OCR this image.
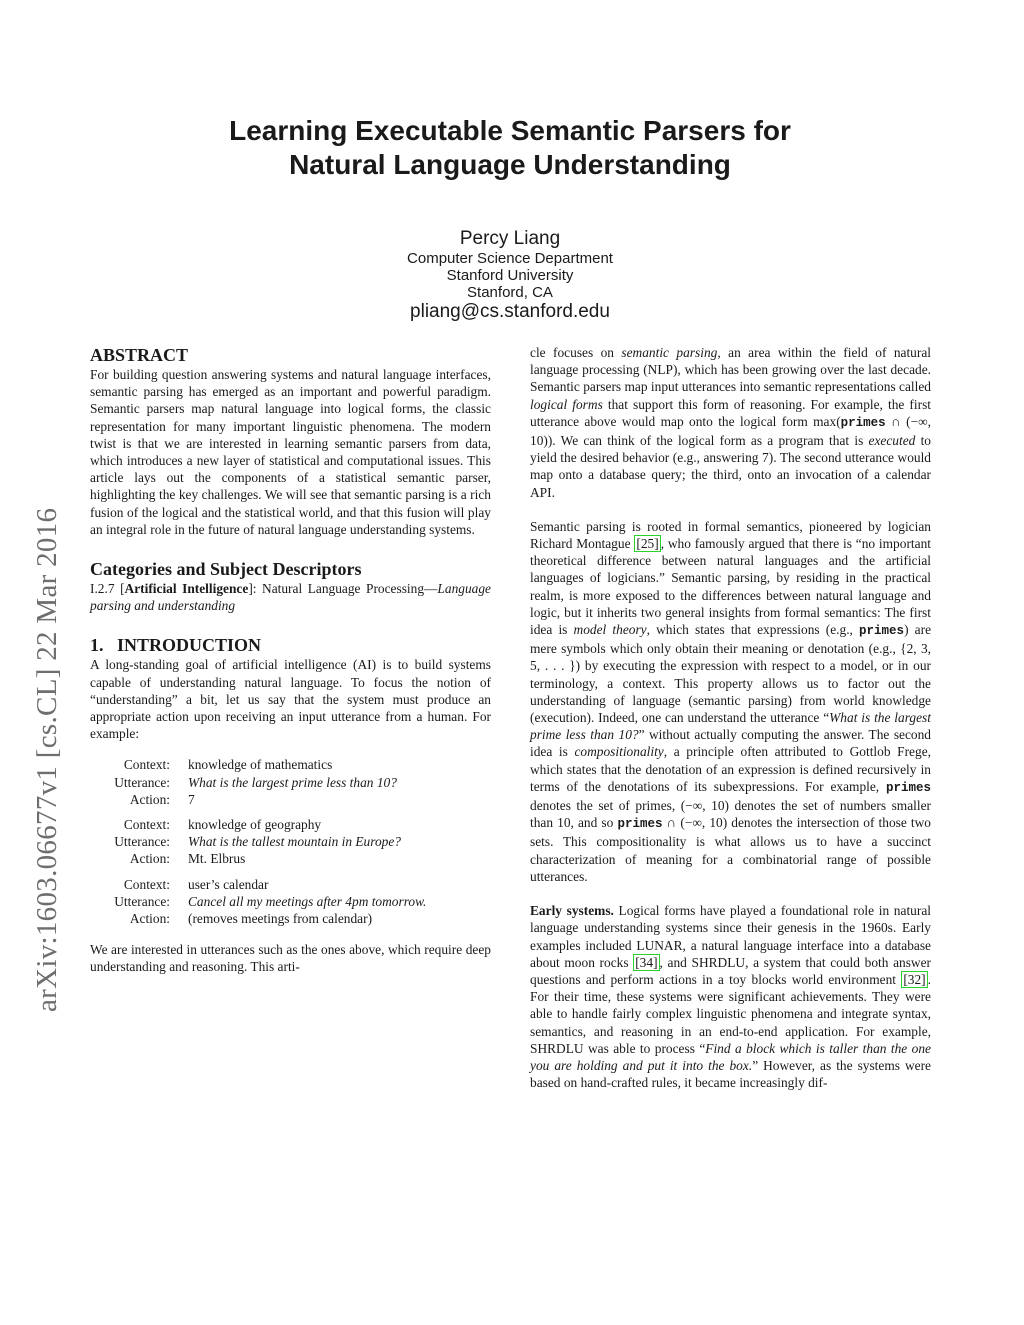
Learning Executable Semantic Parsers for
Natural Language Understanding
Percy Liang
Computer Science Department
Stanford University
Stanford, CA
pliang@cs.stanford.edu
arXiv:1603.06677v1 [cs.CL] 22 Mar 2016
ABSTRACT

For building question answering systems and natural language interfaces, semantic parsing has emerged as an important and powerful paradigm. Semantic parsers map natural language into logical forms, the classic representation for many important linguistic phenomena. The modern twist is that we are interested in learning semantic parsers from data, which introduces a new layer of statistical and computational issues. This article lays out the components of a statistical semantic parser, highlighting the key challenges. We will see that semantic parsing is a rich fusion of the logical and the statistical world, and that this fusion will play an integral role in the future of natural language understanding systems.

Categories and Subject Descriptors

I.2.7 [Artificial Intelligence]: Natural Language Processing—Language parsing and understanding

1.   INTRODUCTION

A long-standing goal of artificial intelligence (AI) is to build systems capable of understanding natural language. To focus the notion of “understanding” a bit, let us say that the system must produce an appropriate action upon receiving an input utterance from a human. For example:

Context:	knowledge of mathematics
Utterance:	What is the largest prime less than 10?
Action:	7
Context:	knowledge of geography
Utterance:	What is the tallest mountain in Europe?
Action:	Mt. Elbrus
Context:	user’s calendar
Utterance:	Cancel all my meetings after 4pm tomorrow.
Action:	(removes meetings from calendar)

We are interested in utterances such as the ones above, which require deep understanding and reasoning. This arti-

cle focuses on semantic parsing, an area within the field of natural language processing (NLP), which has been growing over the last decade. Semantic parsers map input utterances into semantic representations called logical forms that support this form of reasoning. For example, the first utterance above would map onto the logical form max(primes ∩ (−∞, 10)). We can think of the logical form as a program that is executed to yield the desired behavior (e.g., answering 7). The second utterance would map onto a database query; the third, onto an invocation of a calendar API.

Semantic parsing is rooted in formal semantics, pioneered by logician Richard Montague [25] , who famously argued that there is “no important theoretical difference between natural languages and the artificial languages of logicians.” Semantic parsing, by residing in the practical realm, is more exposed to the differences between natural language and logic, but it inherits two general insights from formal semantics: The first idea is model theory, which states that expressions (e.g., primes) are mere symbols which only obtain their meaning or denotation (e.g., {2, 3, 5, . . . }) by executing the expression with respect to a model, or in our terminology, a context. This property allows us to factor out the understanding of language (semantic parsing) from world knowledge (execution). Indeed, one can understand the utterance “What is the largest prime less than 10?” without actually computing the answer. The second idea is compositionality, a principle often attributed to Gottlob Frege, which states that the denotation of an expression is defined recursively in terms of the denotations of its subexpressions. For example, primes denotes the set of primes, (−∞, 10) denotes the set of numbers smaller than 10, and so primes ∩ (−∞, 10) denotes the intersection of those two sets. This compositionality is what allows us to have a succinct characterization of meaning for a combinatorial range of possible utterances.

Early systems. Logical forms have played a foundational role in natural language understanding systems since their genesis in the 1960s. Early examples included LUNAR, a natural language interface into a database about moon rocks [34] , and SHRDLU, a system that could both answer questions and perform actions in a toy blocks world environment [32] . For their time, these systems were significant achievements. They were able to handle fairly complex linguistic phenomena and integrate syntax, semantics, and reasoning in an end-to-end application. For example, SHRDLU was able to process “Find a block which is taller than the one you are holding and put it into the box.” However, as the systems were based on hand-crafted rules, it became increasingly dif-
